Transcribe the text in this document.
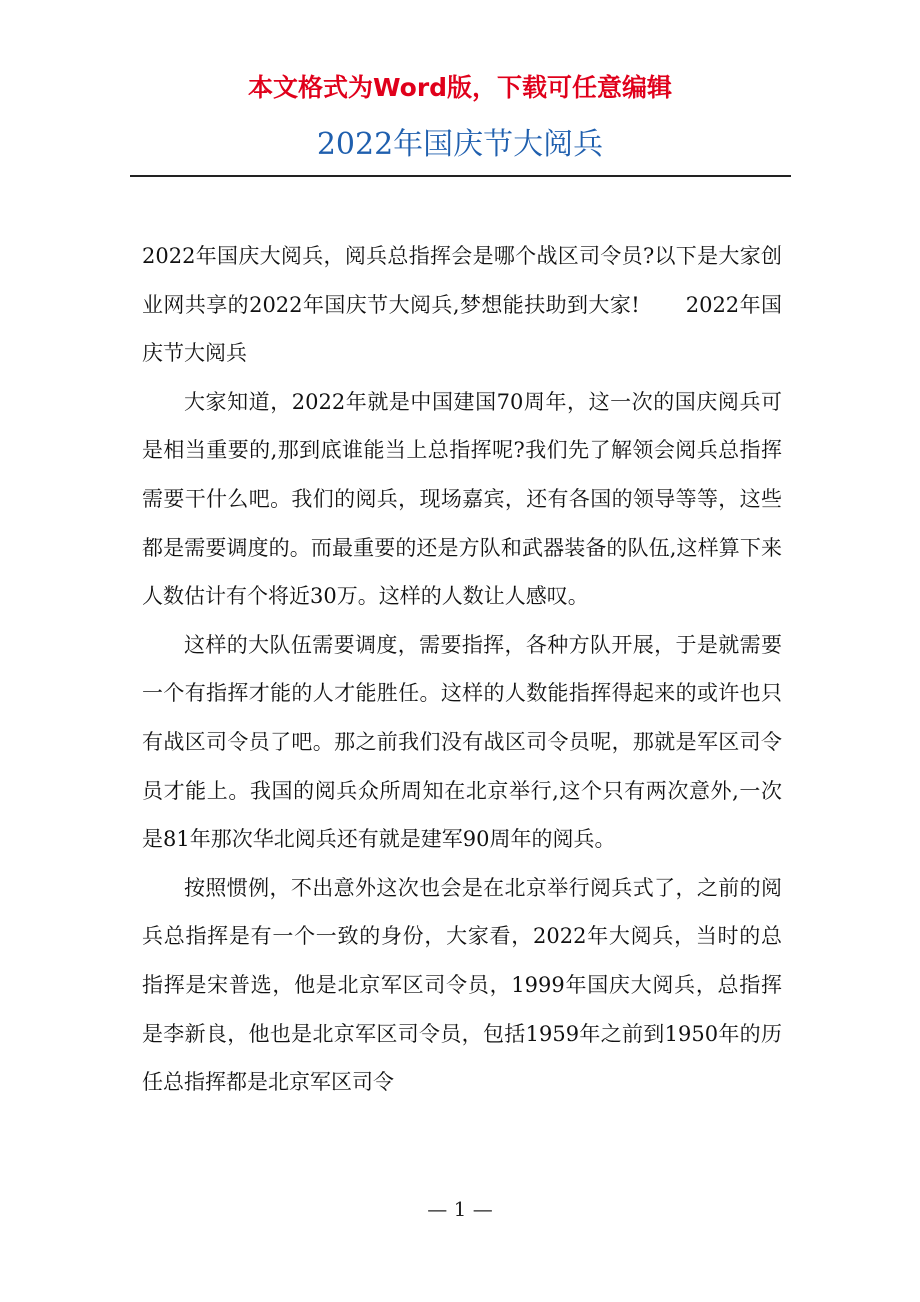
本文格式为Word版，下载可任意编辑
2022年国庆节大阅兵

2022年国庆大阅兵，阅兵总指挥会是哪个战区司令员?以下是大家创业网共享的2022年国庆节大阅兵,梦想能扶助到大家! 2022年国庆节大阅兵

大家知道，2022年就是中国建国70周年，这一次的国庆阅兵可是相当重要的,那到底谁能当上总指挥呢?我们先了解领会阅兵总指挥需要干什么吧。我们的阅兵，现场嘉宾，还有各国的领导等等，这些都是需要调度的。而最重要的还是方队和武器装备的队伍,这样算下来人数估计有个将近30万。这样的人数让人感叹。

这样的大队伍需要调度，需要指挥，各种方队开展，于是就需要一个有指挥才能的人才能胜任。这样的人数能指挥得起来的或许也只有战区司令员了吧。那之前我们没有战区司令员呢，那就是军区司令员才能上。我国的阅兵众所周知在北京举行,这个只有两次意外,一次是81年那次华北阅兵还有就是建军90周年的阅兵。

按照惯例，不出意外这次也会是在北京举行阅兵式了，之前的阅兵总指挥是有一个一致的身份，大家看，2022年大阅兵，当时的总指挥是宋普选，他是北京军区司令员，1999年国庆大阅兵，总指挥是李新良，他也是北京军区司令员，包括1959年之前到1950年的历任总指挥都是北京军区司令

— 1 —
